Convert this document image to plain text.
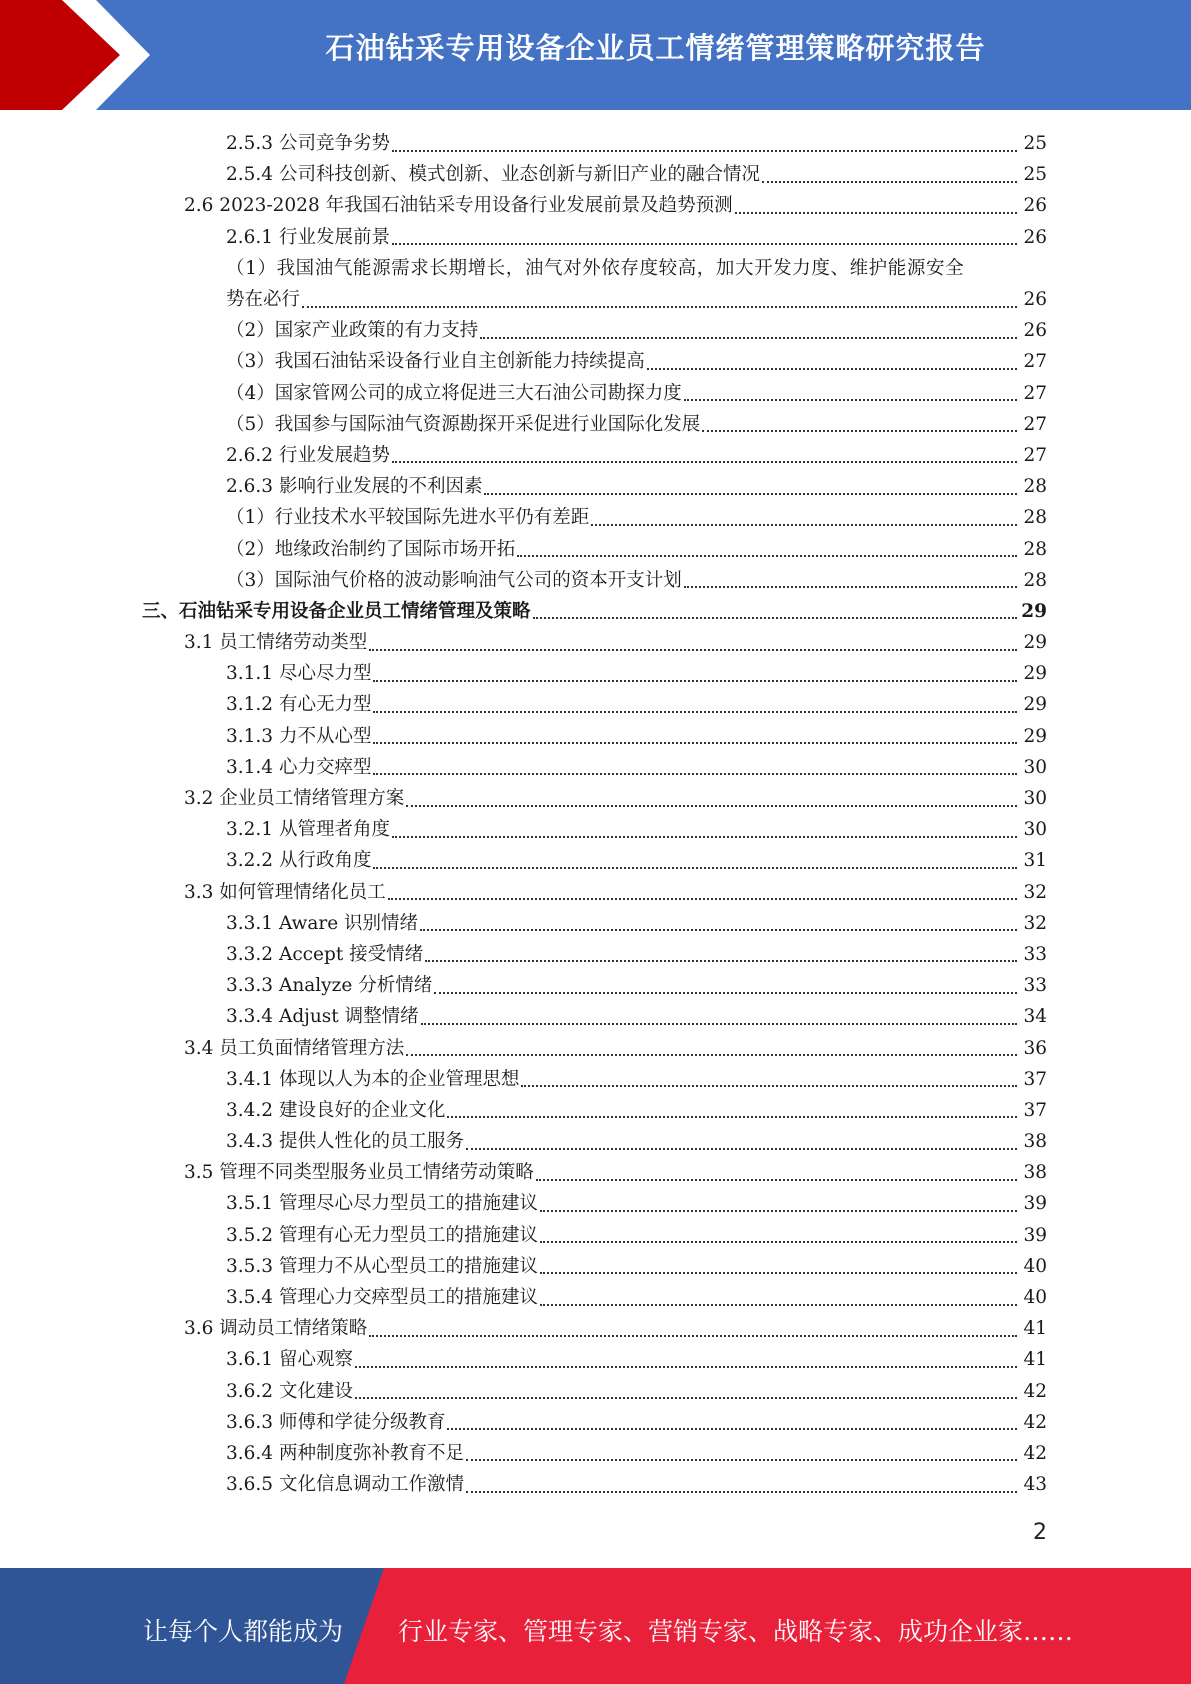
石油钻采专用设备企业员工情绪管理策略研究报告
2.5.3 公司竞争劣势	25
2.5.4 公司科技创新、模式创新、业态创新与新旧产业的融合情况	25
2.6 2023-2028 年我国石油钻采专用设备行业发展前景及趋势预测	26
2.6.1 行业发展前景	26
（1）我国油气能源需求长期增长，油气对外依存度较高，加大开发力度、维护能源安全
势在必行	26
（2）国家产业政策的有力支持	26
（3）我国石油钻采设备行业自主创新能力持续提高	27
（4）国家管网公司的成立将促进三大石油公司勘探力度	27
（5）我国参与国际油气资源勘探开采促进行业国际化发展	27
2.6.2 行业发展趋势	27
2.6.3 影响行业发展的不利因素	28
（1）行业技术水平较国际先进水平仍有差距	28
（2）地缘政治制约了国际市场开拓	28
（3）国际油气价格的波动影响油气公司的资本开支计划	28
三、石油钻采专用设备企业员工情绪管理及策略	29
3.1 员工情绪劳动类型	29
3.1.1 尽心尽力型	29
3.1.2 有心无力型	29
3.1.3 力不从心型	29
3.1.4 心力交瘁型	30
3.2 企业员工情绪管理方案	30
3.2.1 从管理者角度	30
3.2.2 从行政角度	31
3.3 如何管理情绪化员工	32
3.3.1 Aware 识别情绪	32
3.3.2 Accept 接受情绪	33
3.3.3 Analyze 分析情绪	33
3.3.4 Adjust 调整情绪	34
3.4 员工负面情绪管理方法	36
3.4.1 体现以人为本的企业管理思想	37
3.4.2 建设良好的企业文化	37
3.4.3 提供人性化的员工服务	38
3.5 管理不同类型服务业员工情绪劳动策略	38
3.5.1 管理尽心尽力型员工的措施建议	39
3.5.2 管理有心无力型员工的措施建议	39
3.5.3 管理力不从心型员工的措施建议	40
3.5.4 管理心力交瘁型员工的措施建议	40
3.6 调动员工情绪策略	41
3.6.1 留心观察	41
3.6.2 文化建设	42
3.6.3 师傅和学徒分级教育	42
3.6.4 两种制度弥补教育不足	42
3.6.5 文化信息调动工作激情	43
2
让每个人都能成为 行业专家、管理专家、营销专家、战略专家、成功企业家……
